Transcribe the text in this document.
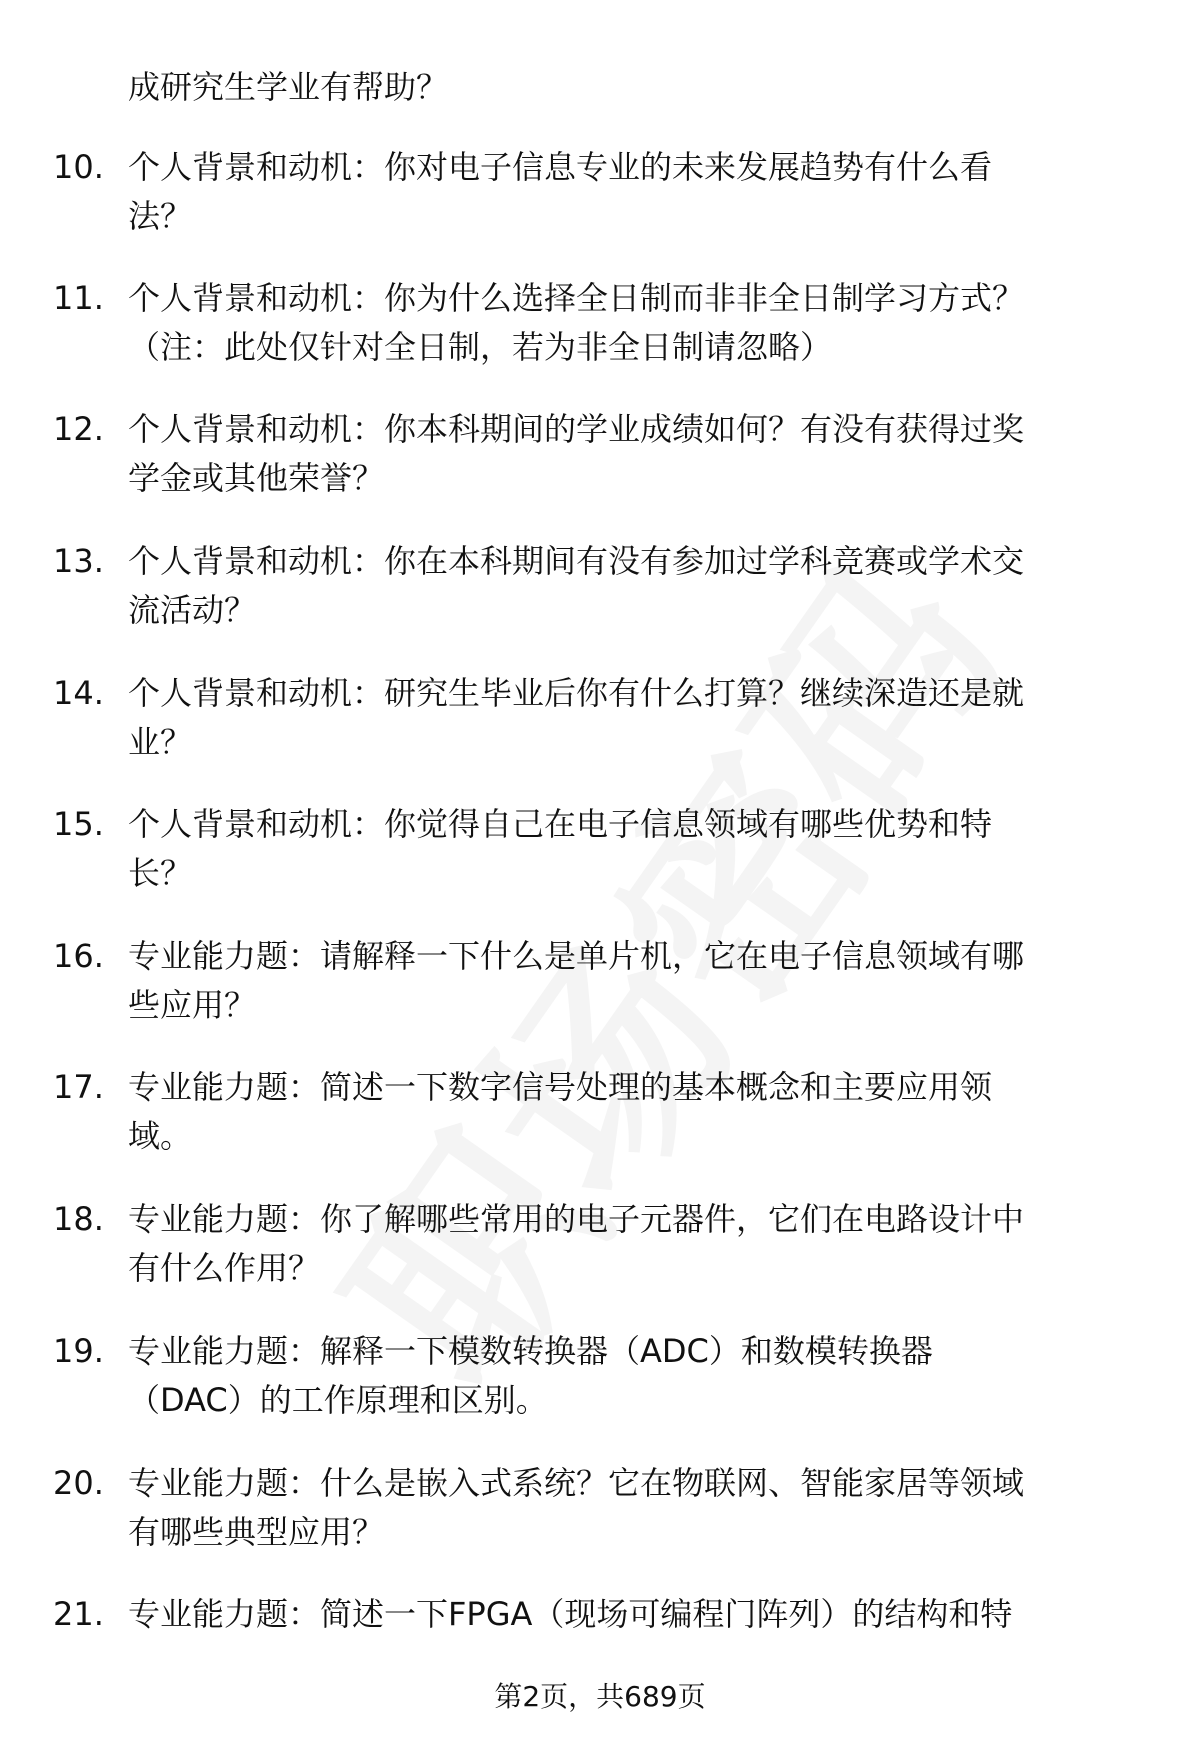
成研究生学业有帮助？
10. 个人背景和动机：你对电子信息专业的未来发展趋势有什么看
法？
11. 个人背景和动机：你为什么选择全日制而非非全日制学习方式？
（注：此处仅针对全日制，若为非全日制请忽略）
12. 个人背景和动机：你本科期间的学业成绩如何？有没有获得过奖
学金或其他荣誉？
13. 个人背景和动机：你在本科期间有没有参加过学科竞赛或学术交
流活动？
14. 个人背景和动机：研究生毕业后你有什么打算？继续深造还是就
业？
15. 个人背景和动机：你觉得自己在电子信息领域有哪些优势和特
长？
16. 专业能力题：请解释一下什么是单片机，它在电子信息领域有哪
些应用？
17. 专业能力题：简述一下数字信号处理的基本概念和主要应用领
域。
18. 专业能力题：你了解哪些常用的电子元器件，它们在电路设计中
有什么作用？
19. 专业能力题：解释一下模数转换器（ADC）和数模转换器
（DAC）的工作原理和区别。
20. 专业能力题：什么是嵌入式系统？它在物联网、智能家居等领域
有哪些典型应用？
21. 专业能力题：简述一下FPGA（现场可编程门阵列）的结构和特
第2页，共689页
